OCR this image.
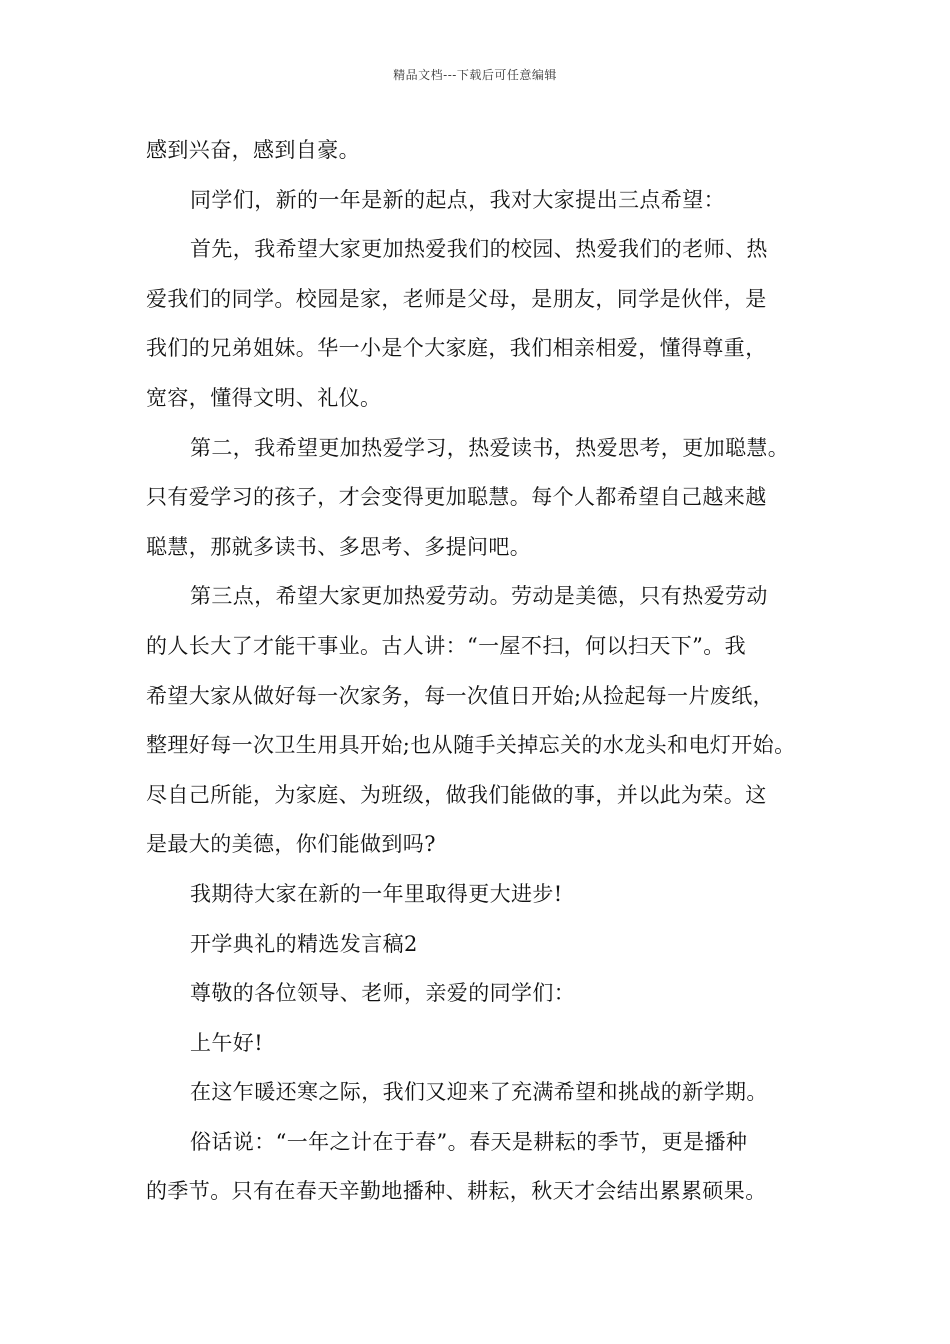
精品文档---下载后可任意编辑
感到兴奋，感到自豪。
同学们，新的一年是新的起点，我对大家提出三点希望：
首先，我希望大家更加热爱我们的校园、热爱我们的老师、热
爱我们的同学。校园是家，老师是父母，是朋友，同学是伙伴，是
我们的兄弟姐妹。华一小是个大家庭，我们相亲相爱，懂得尊重，
宽容，懂得文明、礼仪。
第二，我希望更加热爱学习，热爱读书，热爱思考，更加聪慧。
只有爱学习的孩子，才会变得更加聪慧。每个人都希望自己越来越
聪慧，那就多读书、多思考、多提问吧。
第三点，希望大家更加热爱劳动。劳动是美德，只有热爱劳动
的人长大了才能干事业。古人讲：“一屋不扫，何以扫天下”。我
希望大家从做好每一次家务，每一次值日开始;从捡起每一片废纸，
整理好每一次卫生用具开始;也从随手关掉忘关的水龙头和电灯开始。
尽自己所能，为家庭、为班级，做我们能做的事，并以此为荣。这
是最大的美德，你们能做到吗?
我期待大家在新的一年里取得更大进步!
开学典礼的精选发言稿2
尊敬的各位领导、老师，亲爱的同学们：
上午好!
在这乍暖还寒之际，我们又迎来了充满希望和挑战的新学期。
俗话说：“一年之计在于春”。春天是耕耘的季节，更是播种
的季节。只有在春天辛勤地播种、耕耘，秋天才会结出累累硕果。
